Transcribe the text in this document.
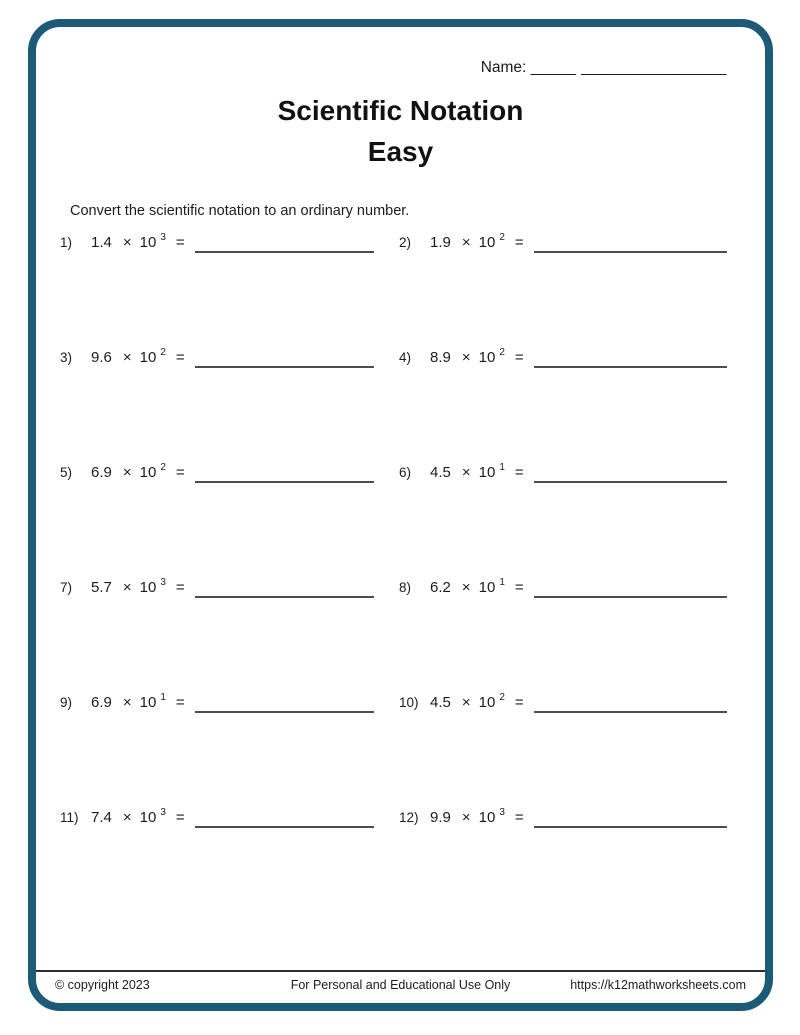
Name: _____ ________________
Scientific Notation
Easy
Convert the scientific notation to an ordinary number.
1)	1.4 × 10 $^3$ =	2)	1.9 × 10 $^2$ =
3)	9.6 × 10 $^2$ =	4)	8.9 × 10 $^2$ =
5)	6.9 × 10 $^2$ =	6)	4.5 × 10 $^1$ =
7)	5.7 × 10 $^3$ =	8)	6.2 × 10 $^1$ =
9)	6.9 × 10 $^1$ =	10) 4.5 × 10 $^2$ =
11) 7.4 × 10 $^3$ =	12) 9.9 × 10 $^3$ =
© copyright 2023	For Personal and Educational Use Only	https://k12mathworksheets.com
